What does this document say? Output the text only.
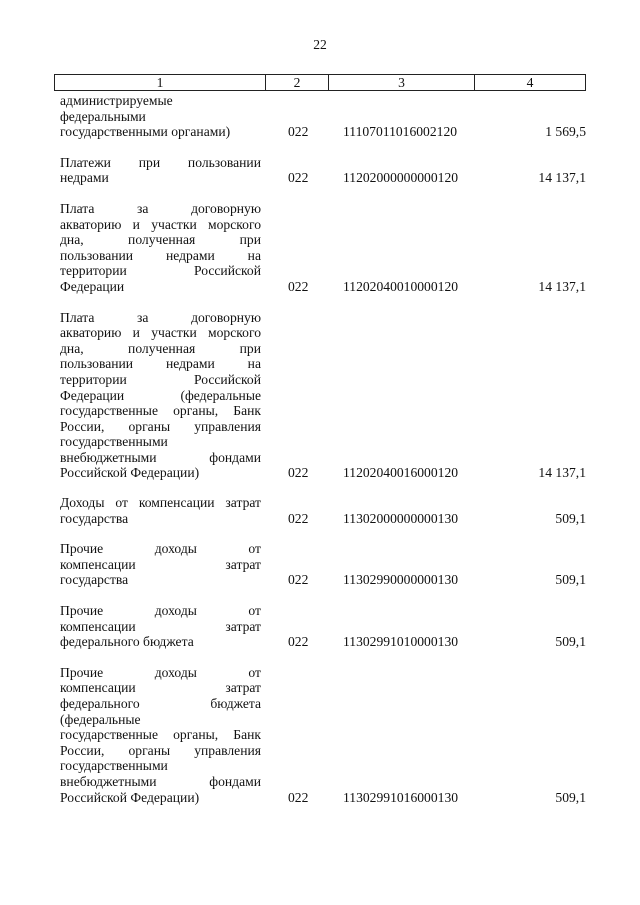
22
1	2	3	4
администрируемые
федеральными
государственными органами)	022	11107011016002120	1 569,5
Платежи при пользовании
недрами	022	11202000000000120	14 137,1
Плата за договорную
акваторию и участки морского
дна, полученная при
пользовании недрами на
территории Российской
Федерации	022	11202040010000120	14 137,1
Плата за договорную
акваторию и участки морского
дна, полученная при
пользовании недрами на
территории Российской
Федерации (федеральные
государственные органы, Банк
России, органы управления
государственными
внебюджетными фондами
Российской Федерации)	022	11202040016000120	14 137,1
Доходы от компенсации затрат
государства	022	11302000000000130	509,1
Прочие доходы от
компенсации затрат
государства	022	11302990000000130	509,1
Прочие доходы от
компенсации затрат
федерального бюджета	022	11302991010000130	509,1
Прочие доходы от
компенсации затрат
федерального бюджета
(федеральные
государственные органы, Банк
России, органы управления
государственными
внебюджетными фондами
Российской Федерации)	022	11302991016000130	509,1
